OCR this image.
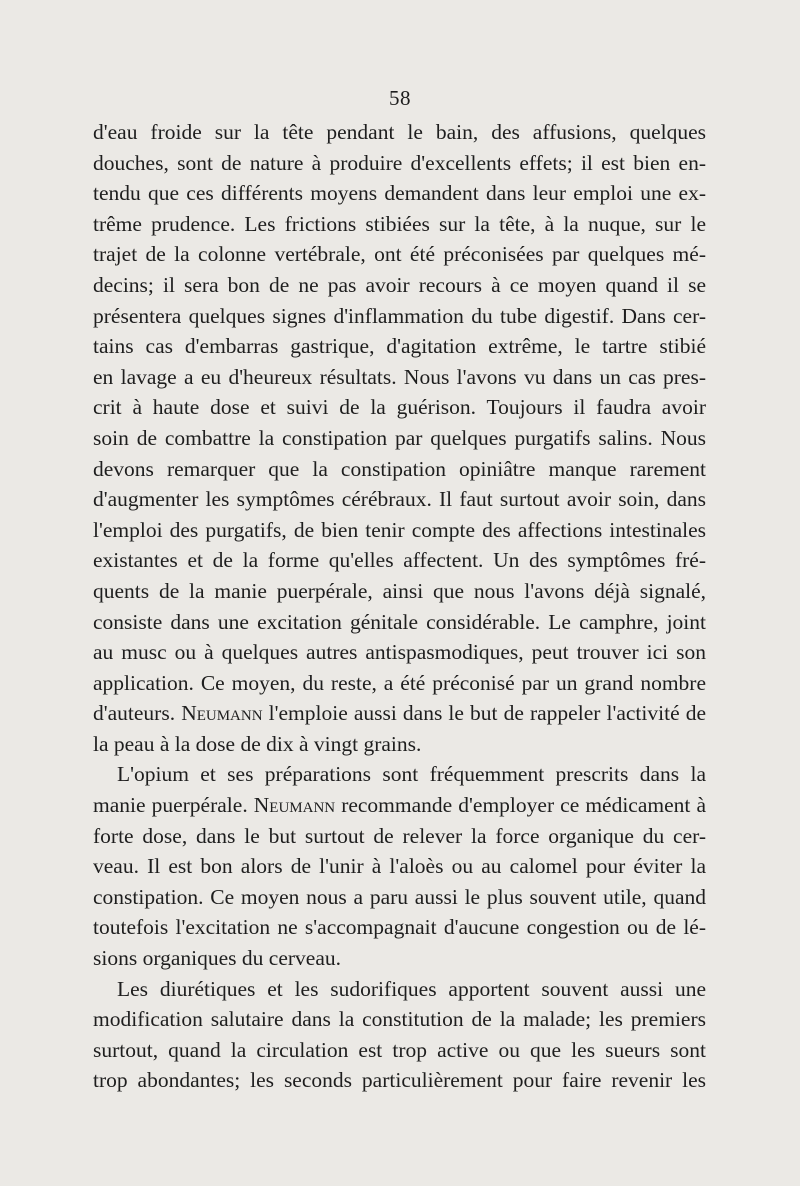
58
d'eau froide sur la tête pendant le bain, des affusions, quelques
douches, sont de nature à produire d'excellents effets; il est bien en-
tendu que ces différents moyens demandent dans leur emploi une ex-
trême prudence. Les frictions stibiées sur la tête, à la nuque, sur le
trajet de la colonne vertébrale, ont été préconisées par quelques mé-
decins; il sera bon de ne pas avoir recours à ce moyen quand il se
présentera quelques signes d'inflammation du tube digestif. Dans cer-
tains cas d'embarras gastrique, d'agitation extrême, le tartre stibié
en lavage a eu d'heureux résultats. Nous l'avons vu dans un cas pres-
crit à haute dose et suivi de la guérison. Toujours il faudra avoir
soin de combattre la constipation par quelques purgatifs salins. Nous
devons remarquer que la constipation opiniâtre manque rarement
d'augmenter les symptômes cérébraux. Il faut surtout avoir soin, dans
l'emploi des purgatifs, de bien tenir compte des affections intestinales
existantes et de la forme qu'elles affectent. Un des symptômes fré-
quents de la manie puerpérale, ainsi que nous l'avons déjà signalé,
consiste dans une excitation génitale considérable. Le camphre, joint
au musc ou à quelques autres antispasmodiques, peut trouver ici son
application. Ce moyen, du reste, a été préconisé par un grand nombre
d'auteurs. Neumann l'emploie aussi dans le but de rappeler l'activité de
la peau à la dose de dix à vingt grains.
L'opium et ses préparations sont fréquemment prescrits dans la
manie puerpérale. Neumann recommande d'employer ce médicament à
forte dose, dans le but surtout de relever la force organique du cer-
veau. Il est bon alors de l'unir à l'aloès ou au calomel pour éviter la
constipation. Ce moyen nous a paru aussi le plus souvent utile, quand
toutefois l'excitation ne s'accompagnait d'aucune congestion ou de lé-
sions organiques du cerveau.
Les diurétiques et les sudorifiques apportent souvent aussi une
modification salutaire dans la constitution de la malade; les premiers
surtout, quand la circulation est trop active ou que les sueurs sont
trop abondantes; les seconds particulièrement pour faire revenir les
